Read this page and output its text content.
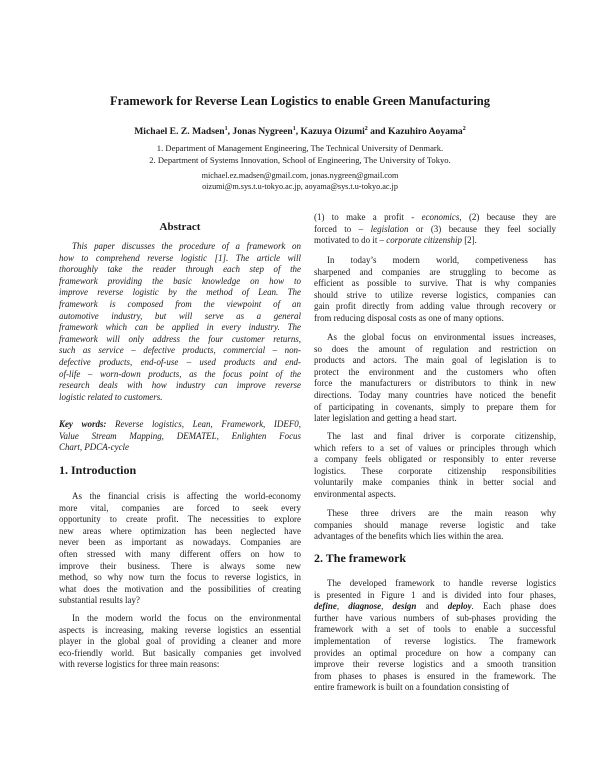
Framework for Reverse Lean Logistics to enable Green Manufacturing
Michael E. Z. Madsen$^1$, Jonas Nygreen$^1$, Kazuya Oizumi$^2$ and Kazuhiro Aoyama$^2$
1. Department of Management Engineering, The Technical University of Denmark.
2. Department of Systems Innovation, School of Engineering, The University of Tokyo.
michael.ez.madsen@gmail.com, jonas.nygreen@gmail.com
oizumi@m.sys.t.u-tokyo.ac.jp, aoyama@sys.t.u-tokyo.ac.jp
Abstract
This paper discusses the procedure of a framework on
how to comprehend reverse logistic [1]. The article will
thoroughly take the reader through each step of the
framework providing the basic knowledge on how to
improve reverse logistic by the method of Lean. The
framework is composed from the viewpoint of an
automotive industry, but will serve as a general
framework which can be applied in every industry. The
framework will only address the four customer returns,
such as service – defective products, commercial – non-
defective products, end-of-use – used products and end-
of-life – worn-down products, as the focus point of the
research deals with how industry can improve reverse
logistic related to customers.
Key words: Reverse logistics, Lean, Framework, IDEF0,
Value Stream Mapping, DEMATEL, Enlighten Focus
Chart, PDCA-cycle
1. Introduction
As the financial crisis is affecting the world-economy
more vital, companies are forced to seek every
opportunity to create profit. The necessities to explore
new areas where optimization has been neglected have
never been as important as nowadays. Companies are
often stressed with many different offers on how to
improve their business. There is always some new
method, so why now turn the focus to reverse logistics, in
what does the motivation and the possibilities of creating
substantial results lay?
In the modern world the focus on the environmental
aspects is increasing, making reverse logistics an essential
player in the global goal of providing a cleaner and more
eco-friendly world. But basically companies get involved
with reverse logistics for three main reasons:
(1) to make a profit - economics, (2) because they are
forced to – legislation or (3) because they feel socially
motivated to do it – corporate citizenship [2].
In today’s modern world, competiveness has
sharpened and companies are struggling to become as
efficient as possible to survive. That is why companies
should strive to utilize reverse logistics, companies can
gain profit directly from adding value through recovery or
from reducing disposal costs as one of many options.
As the global focus on environmental issues increases,
so does the amount of regulation and restriction on
products and actors. The main goal of legislation is to
protect the environment and the customers who often
force the manufacturers or distributors to think in new
directions. Today many countries have noticed the benefit
of participating in covenants, simply to prepare them for
later legislation and getting a head start.
The last and final driver is corporate citizenship,
which refers to a set of values or principles through which
a company feels obligated or responsibly to enter reverse
logistics. These corporate citizenship responsibilities
voluntarily make companies think in better social and
environmental aspects.
These three drivers are the main reason why
companies should manage reverse logistic and take
advantages of the benefits which lies within the area.
2. The framework
The developed framework to handle reverse logistics
is presented in Figure 1 and is divided into four phases,
define, diagnose, design and deploy. Each phase does
further have various numbers of sub-phases providing the
framework with a set of tools to enable a successful
implementation of reverse logistics. The framework
provides an optimal procedure on how a company can
improve their reverse logistics and a smooth transition
from phases to phases is ensured in the framework. The
entire framework is built on a foundation consisting of
